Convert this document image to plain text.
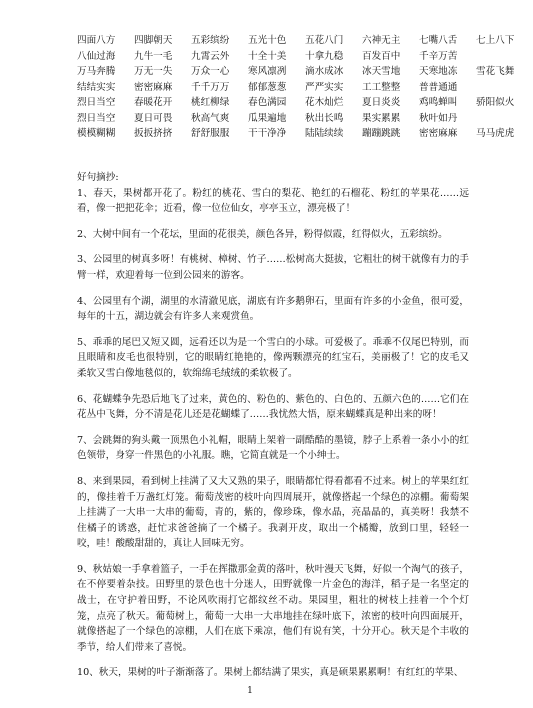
四面八方 四脚朝天 五彩缤纷 五光十色 五花八门 六神无主 七嘴八舌 七上八下
八仙过海 九牛一毛 九霄云外 十全十美 十拿九稳 百发百中 千辛万苦
万马奔腾 万无一失 万众一心 寒风凛冽 滴水成冰 冰天雪地 天寒地冻 雪花飞舞
结结实实 密密麻麻 千千万万 郁郁葱葱 严严实实 工工整整 普普通通
烈日当空 春暖花开 桃红柳绿 春色满园 花木灿烂 夏日炎炎 鸡鸣蝉叫 骄阳似火
烈日当空 夏日可畏 秋高气爽 瓜果遍地 秋出长鸣 果实累累 秋叶如丹
模模糊糊 扳扳挤挤 舒舒服服 干干净净 陆陆续续 蹦蹦跳跳 密密麻麻 马马虎虎
好句摘抄:

1、春天，果树都开花了。粉红的桃花、雪白的梨花、艳红的石榴花、粉红的苹果花……远看，像一把把花伞；近看，像一位位仙女，亭亭玉立，漂亮极了！

2、大树中间有一个花坛，里面的花很美，颜色各异，粉得似霞，红得似火，五彩缤纷。

3、公园里的树真多呀！有桃树、樟树、竹子……松树高大挺拔，它粗壮的树干就像有力的手臂一样，欢迎着每一位到公园来的游客。

4、公园里有个湖，湖里的水清澈见底，湖底有许多鹅卵石，里面有许多的小金鱼，很可爱，每年的十五，湖边就会有许多人来观赏鱼。

5、乖乖的尾巴又短又圆，远看还以为是一个雪白的小球。可爱极了。乖乖不仅尾巴特别，而且眼睛和皮毛也很特别，它的眼睛红艳艳的，像两颗漂亮的红宝石，美丽极了！它的皮毛又柔软又雪白像地毯似的，软绵绵毛绒绒的柔软极了。

6、花蝴蝶争先恐后地飞了过来，黄色的、粉色的、紫色的、白色的、五颜六色的……它们在花丛中飞舞，分不清是花儿还是花蝴蝶了……我忧然大悟，原来蝴蝶真是种出来的呀！

7、会跳舞的狗头戴一顶黑色小礼帽，眼睛上架着一副酷酷的墨镜，脖子上系着一条小小的红色领带，身穿一件黑色的小礼服。瞧，它简直就是一个小绅士。

8、来到果园，看到树上挂满了又大又熟的果子，眼睛都忙得看都看不过来。树上的苹果红红的，像挂着千万盏红灯笼。葡萄茂密的枝叶向四周展开，就像搭起一个绿色的凉棚。葡萄架上挂满了一大串一大串的葡萄，青的，紫的，像珍珠，像水晶，亮晶晶的，真美呀！我禁不住橘子的诱惑，赶忙求爸爸摘了一个橘子。我剥开皮，取出一个橘瓣，放到口里，轻轻一咬，哇！酸酸甜甜的，真让人回味无穷。

9、秋姑娘一手拿着篮子，一手在挥撒那金黄的落叶，秋叶漫天飞舞，好似一个淘气的孩子，在不停要着杂技。田野里的景色也十分迷人，田野就像一片金色的海洋，稻子是一名坚定的战士，在守护着田野，不论风吹雨打它都纹丝不动。果园里，粗壮的树枝上挂着一个个灯笼，点亮了秋天。葡萄树上，葡萄一大串一大串地挂在绿叶底下，浓密的枝叶向四面展开，就像搭起了一个绿色的凉棚，人们在底下乘凉，他们有说有笑，十分开心。秋天是个丰收的季节，给人们带来了喜悦。

10、秋天，果树的叶子渐渐落了。果树上都结满了果实，真是硕果累累啊！有红红的苹果、

1
